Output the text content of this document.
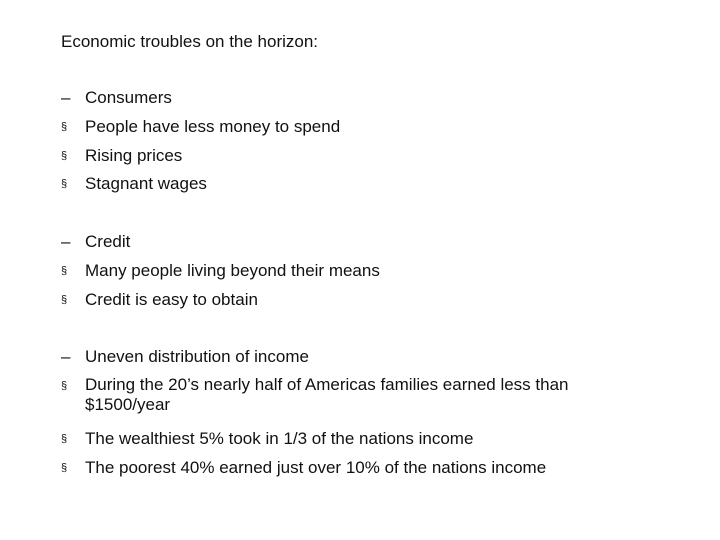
Economic troubles on the horizon:
– Consumers
§	People have less money to spend
§	Rising prices
§	Stagnant wages
– Credit
§	Many people living beyond their means
§	Credit is easy to obtain
– Uneven distribution of income
§	During the 20’s nearly half of Americas families earned less than $1500/year
§	The wealthiest 5% took in 1/3 of the nations income
§	The poorest 40% earned just over 10% of the nations income
